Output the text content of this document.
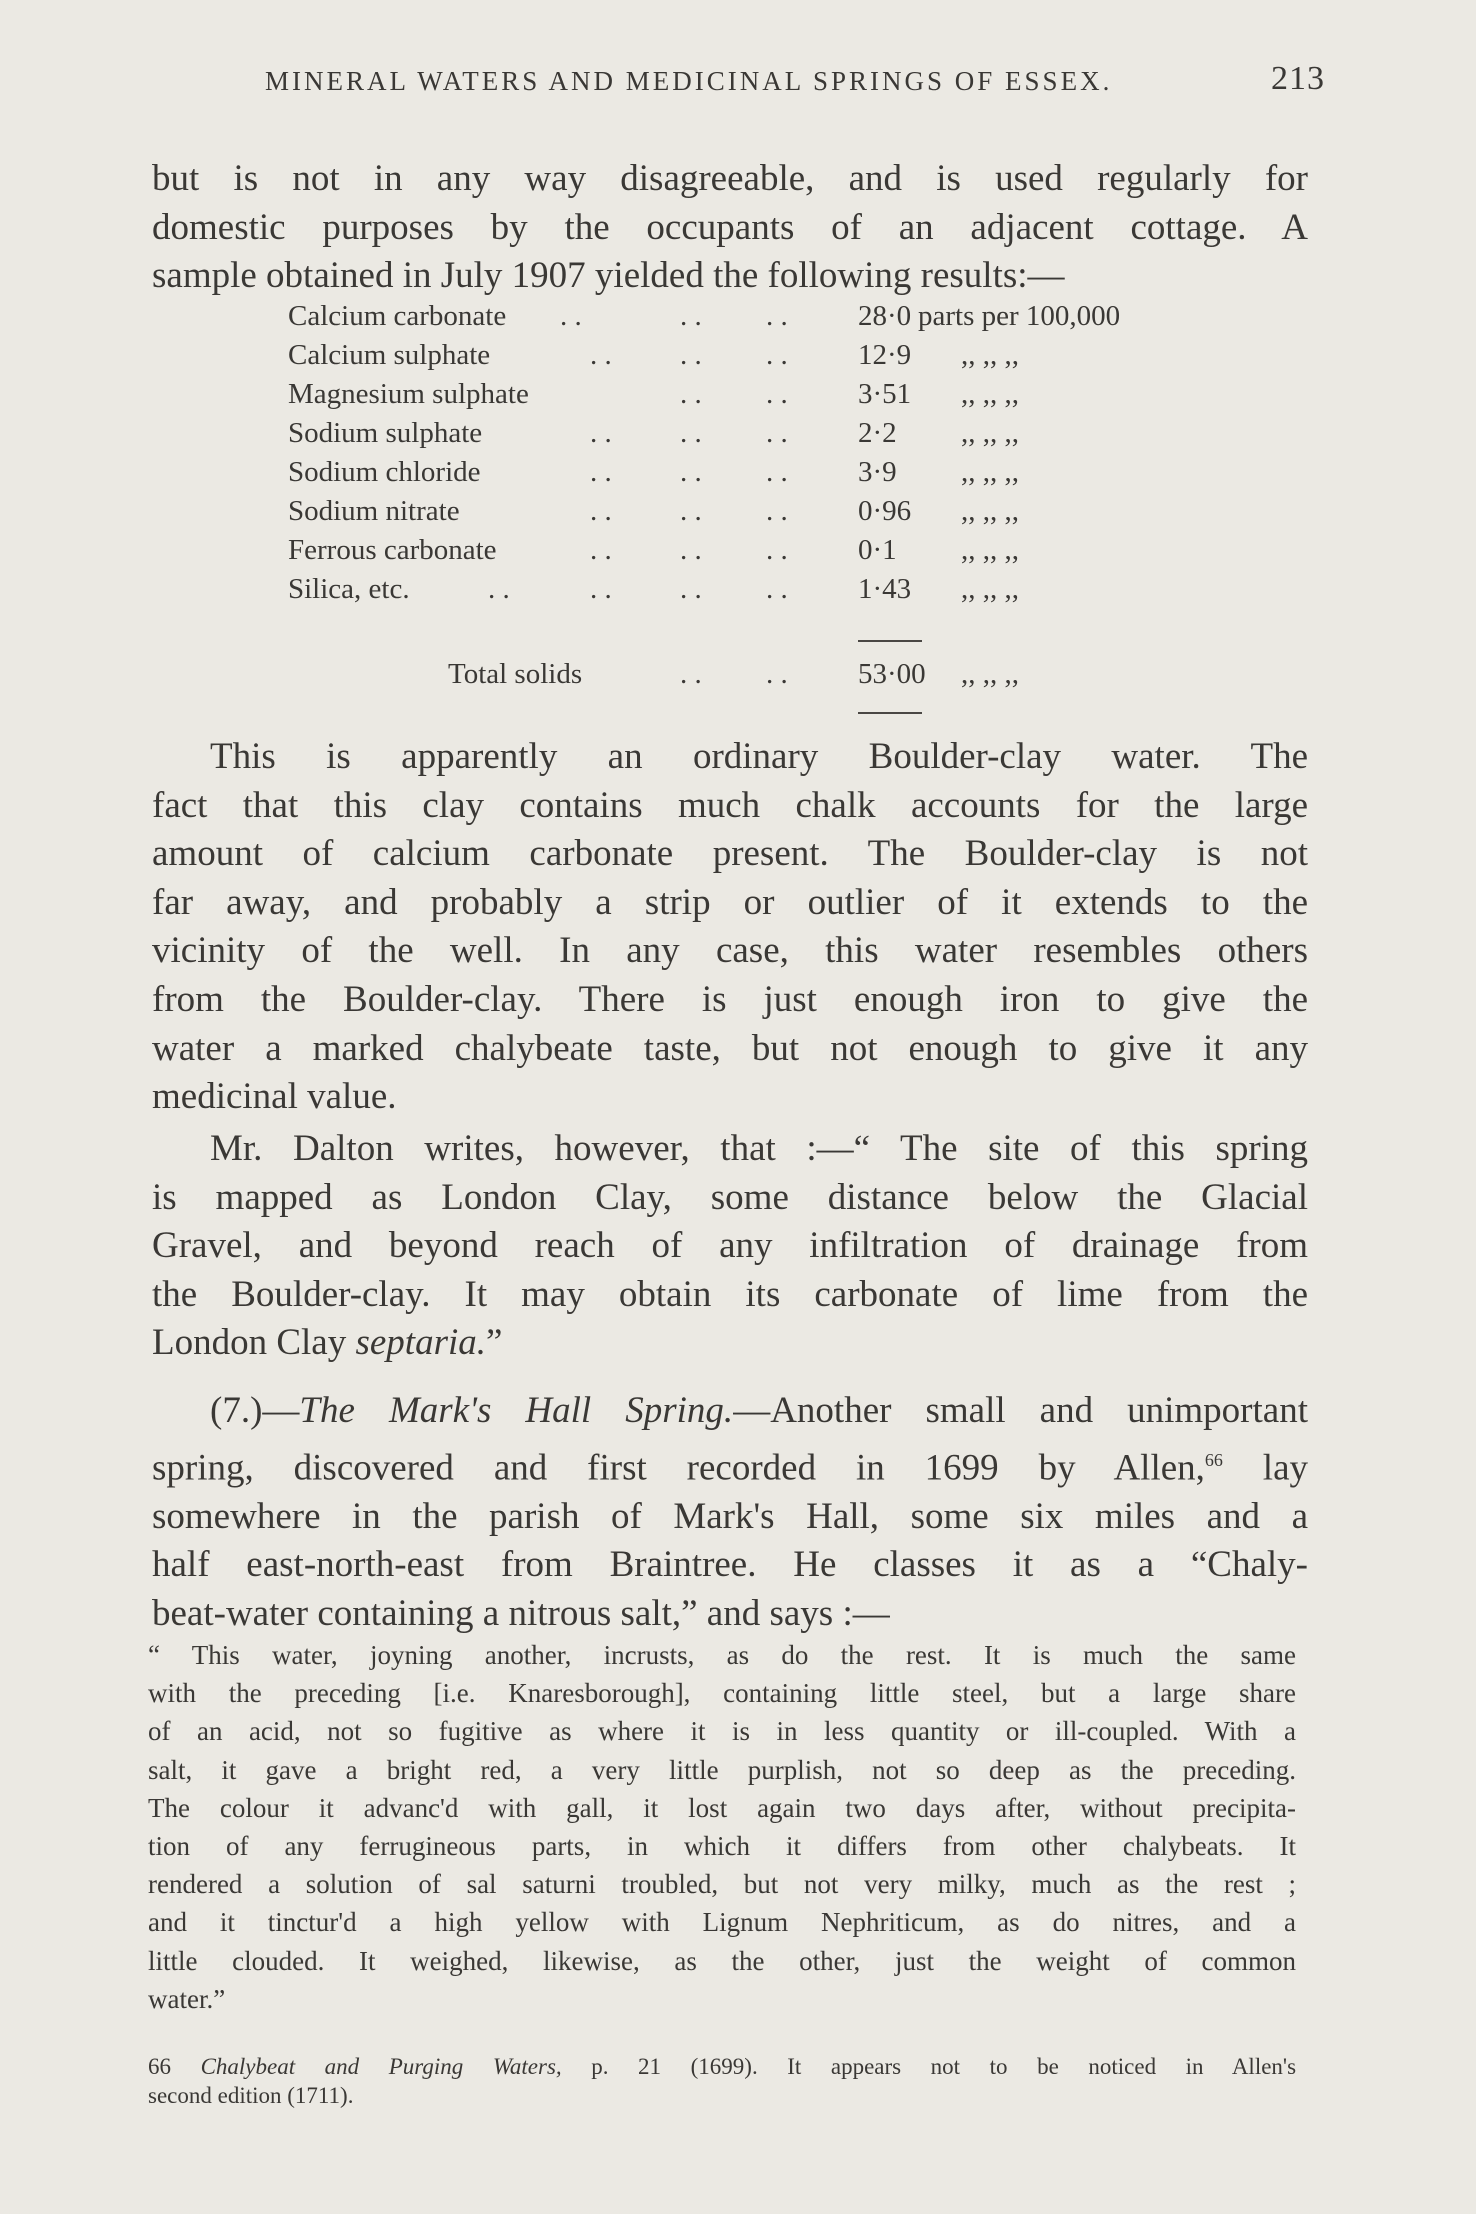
MINERAL WATERS AND MEDICINAL SPRINGS OF ESSEX.	213

but is not in any way disagreeable, and is used regularly for
domestic purposes by the occupants of an adjacent cottage. A
sample obtained in July 1907 yielded the following results:—

Calcium carbonate . .	. . . . 28·0 parts per 100,000
Calcium sulphate	. . . . . . 12·9 ,, ,, ,,
Magnesium sulphate	. . . . 3·51 ,, ,, ,,
Sodium sulphate	. . . . . . 2·2 ,, ,, ,,
Sodium chloride	. . . . . . 3·9 ,, ,, ,,
Sodium nitrate	. . . . . . 0·96 ,, ,, ,,
Ferrous carbonate	. . . . . . 0·1 ,, ,, ,,
Silica, etc.	. .	. . . . . . 1·43 ,, ,, ,,
Total solids	. . . . 53·00 ,, ,, ,,

This is apparently an ordinary Boulder-clay water. The
fact that this clay contains much chalk accounts for the large
amount of calcium carbonate present. The Boulder-clay is not
far away, and probably a strip or outlier of it extends to the
vicinity of the well. In any case, this water resembles others
from the Boulder-clay. There is just enough iron to give the
water a marked chalybeate taste, but not enough to give it any
medicinal value.

Mr. Dalton writes, however, that :—“ The site of this spring
is mapped as London Clay, some distance below the Glacial
Gravel, and beyond reach of any infiltration of drainage from
the Boulder-clay. It may obtain its carbonate of lime from the
London Clay septaria.”

(7.)—The Mark's Hall Spring.—Another small and unimportant
spring, discovered and first recorded in 1699 by Allen,$^{66}$ lay
somewhere in the parish of Mark's Hall, some six miles and a
half east-north-east from Braintree. He classes it as a “Chaly-
beat-water containing a nitrous salt,” and says :—

“ This water, joyning another, incrusts, as do the rest. It is much the same
with the preceding [i.e. Knaresborough], containing little steel, but a large share
of an acid, not so fugitive as where it is in less quantity or ill-coupled. With a
salt, it gave a bright red, a very little purplish, not so deep as the preceding.
The colour it advanc'd with gall, it lost again two days after, without precipita-
tion of any ferrugineous parts, in which it differs from other chalybeats. It
rendered a solution of sal saturni troubled, but not very milky, much as the rest ;
and it tinctur'd a high yellow with Lignum Nephriticum, as do nitres, and a
little clouded. It weighed, likewise, as the other, just the weight of common
water.”
66 Chalybeat and Purging Waters, p. 21 (1699). It appears not to be noticed in Allen's
second edition (1711).
